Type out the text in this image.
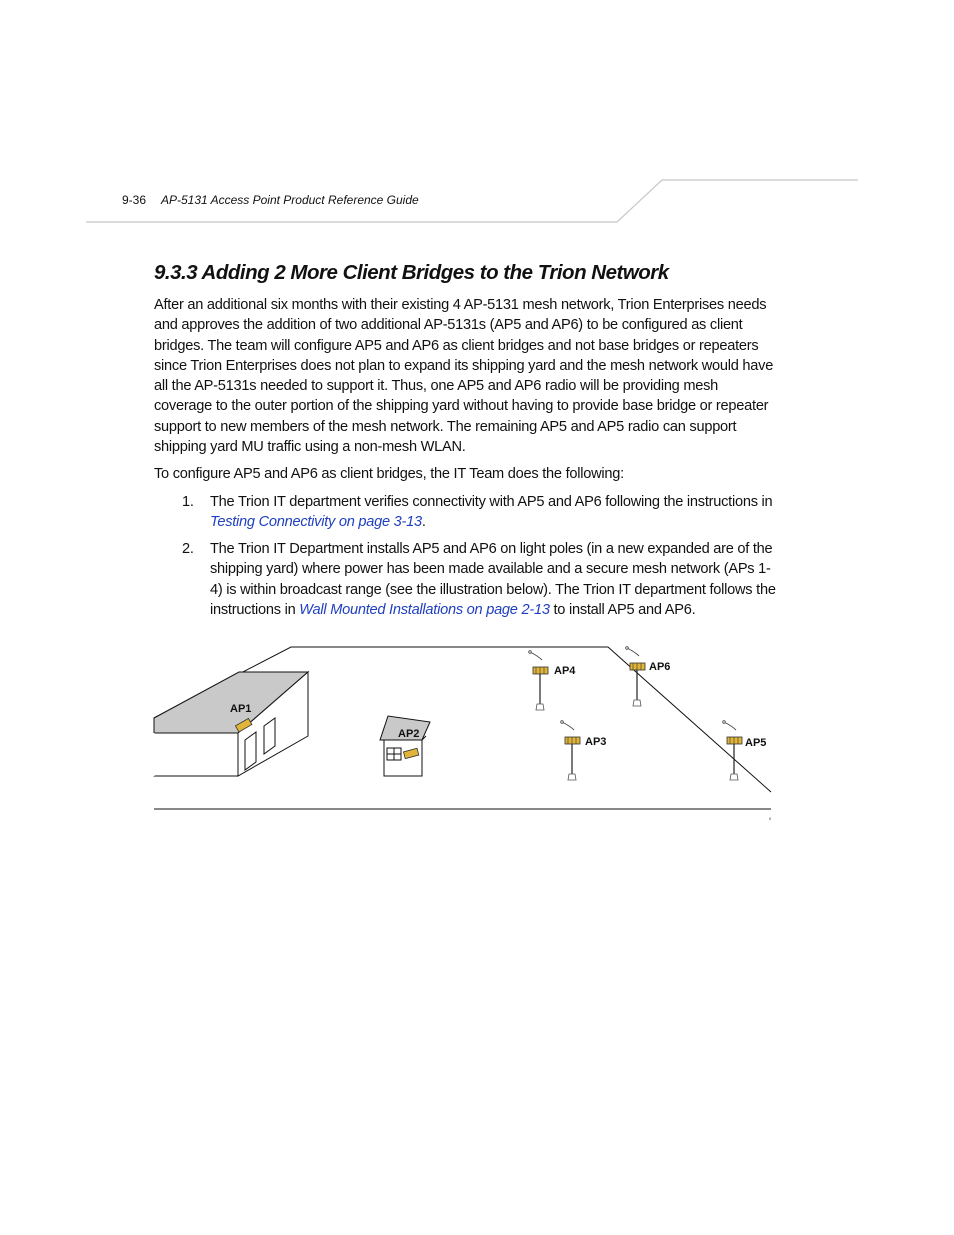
9-36 AP-5131 Access Point Product Reference Guide
9.3.3 Adding 2 More Client Bridges to the Trion Network

After an additional six months with their existing 4 AP-5131 mesh network, Trion Enterprises needs and approves the addition of two additional AP-5131s (AP5 and AP6) to be configured as client bridges. The team will configure AP5 and AP6 as client bridges and not base bridges or repeaters since Trion Enterprises does not plan to expand its shipping yard and the mesh network would have all the AP-5131s needed to support it. Thus, one AP5 and AP6 radio will be providing mesh coverage to the outer portion of the shipping yard without having to provide base bridge or repeater support to new members of the mesh network. The remaining AP5 and AP5 radio can support shipping yard MU traffic using a non-mesh WLAN.

To configure AP5 and AP6 as client bridges, the IT Team does the following:

1. The Trion IT department verifies connectivity with AP5 and AP6 following the instructions in Testing Connectivity on page 3-13.
2. The Trion IT Department installs AP5 and AP6 on light poles (in a new expanded are of the shipping yard) where power has been made available and a secure mesh network (APs 1-4) is within broadcast range (see the illustration below). The Trion IT department follows the instructions in Wall Mounted Installations on page 2-13 to install AP5 and AP6.
AP1
AP2
AP4	AP6
AP3	AP5
8
